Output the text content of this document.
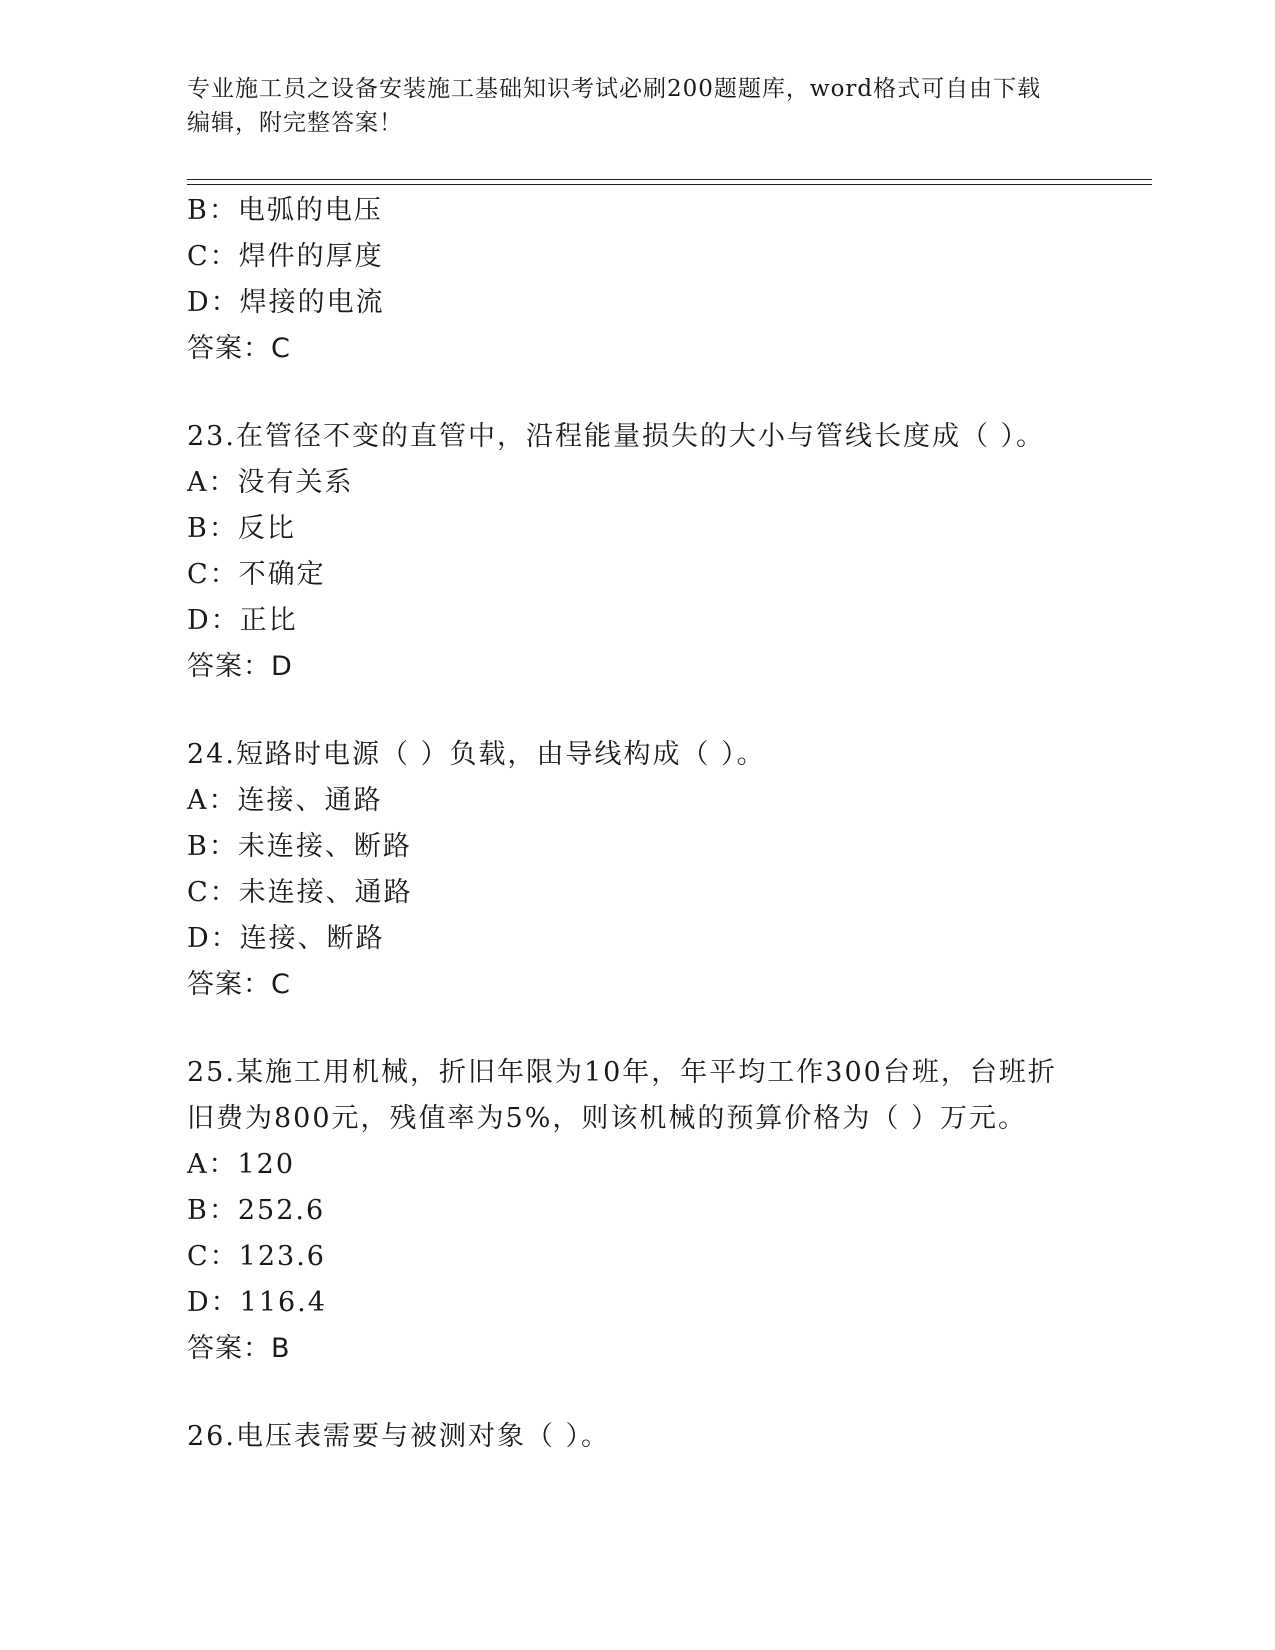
专业施工员之设备安装施工基础知识考试必刷200题题库，word格式可自由下载
编辑，附完整答案！
B：电弧的电压
C：焊件的厚度
D：焊接的电流
答案：C
23.在管径不变的直管中，沿程能量损失的大小与管线长度成（ ）。
A：没有关系
B：反比
C：不确定
D：正比
答案：D
24.短路时电源（ ）负载，由导线构成（ ）。
A：连接、通路
B：未连接、断路
C：未连接、通路
D：连接、断路
答案：C
25.某施工用机械，折旧年限为10年，年平均工作300台班，台班折
旧费为800元，残值率为5%，则该机械的预算价格为（ ）万元。
A：120
B：252.6
C：123.6
D：116.4
答案：B
26.电压表需要与被测对象（ ）。
